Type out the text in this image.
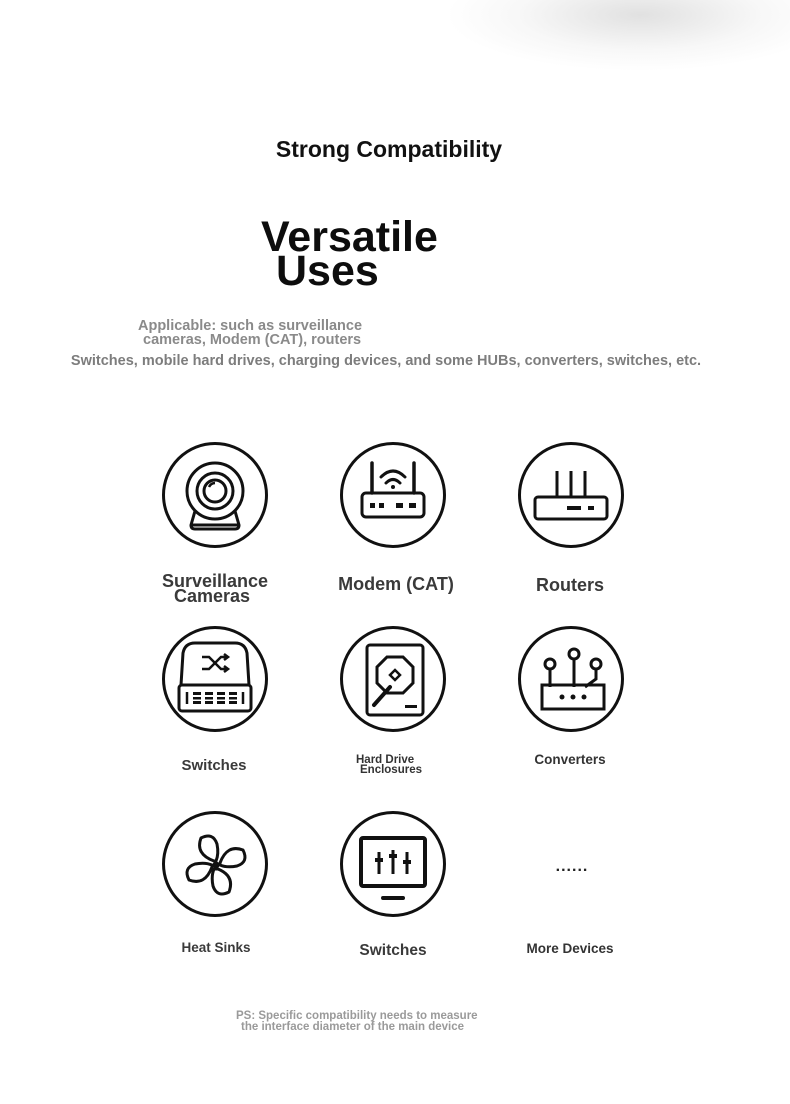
Strong Compatibility
Versatile
Uses
Applicable: such as surveillance
cameras, Modem (CAT), routers
Switches, mobile hard drives, charging devices, and some HUBs, converters, switches, etc.
Surveillance
Cameras
Modem (CAT)	Routers
Switches	Hard Drive
Enclosures
Converters
Heat Sinks	Switches
......
More Devices
PS: Specific compatibility needs to measure
the interface diameter of the main device
